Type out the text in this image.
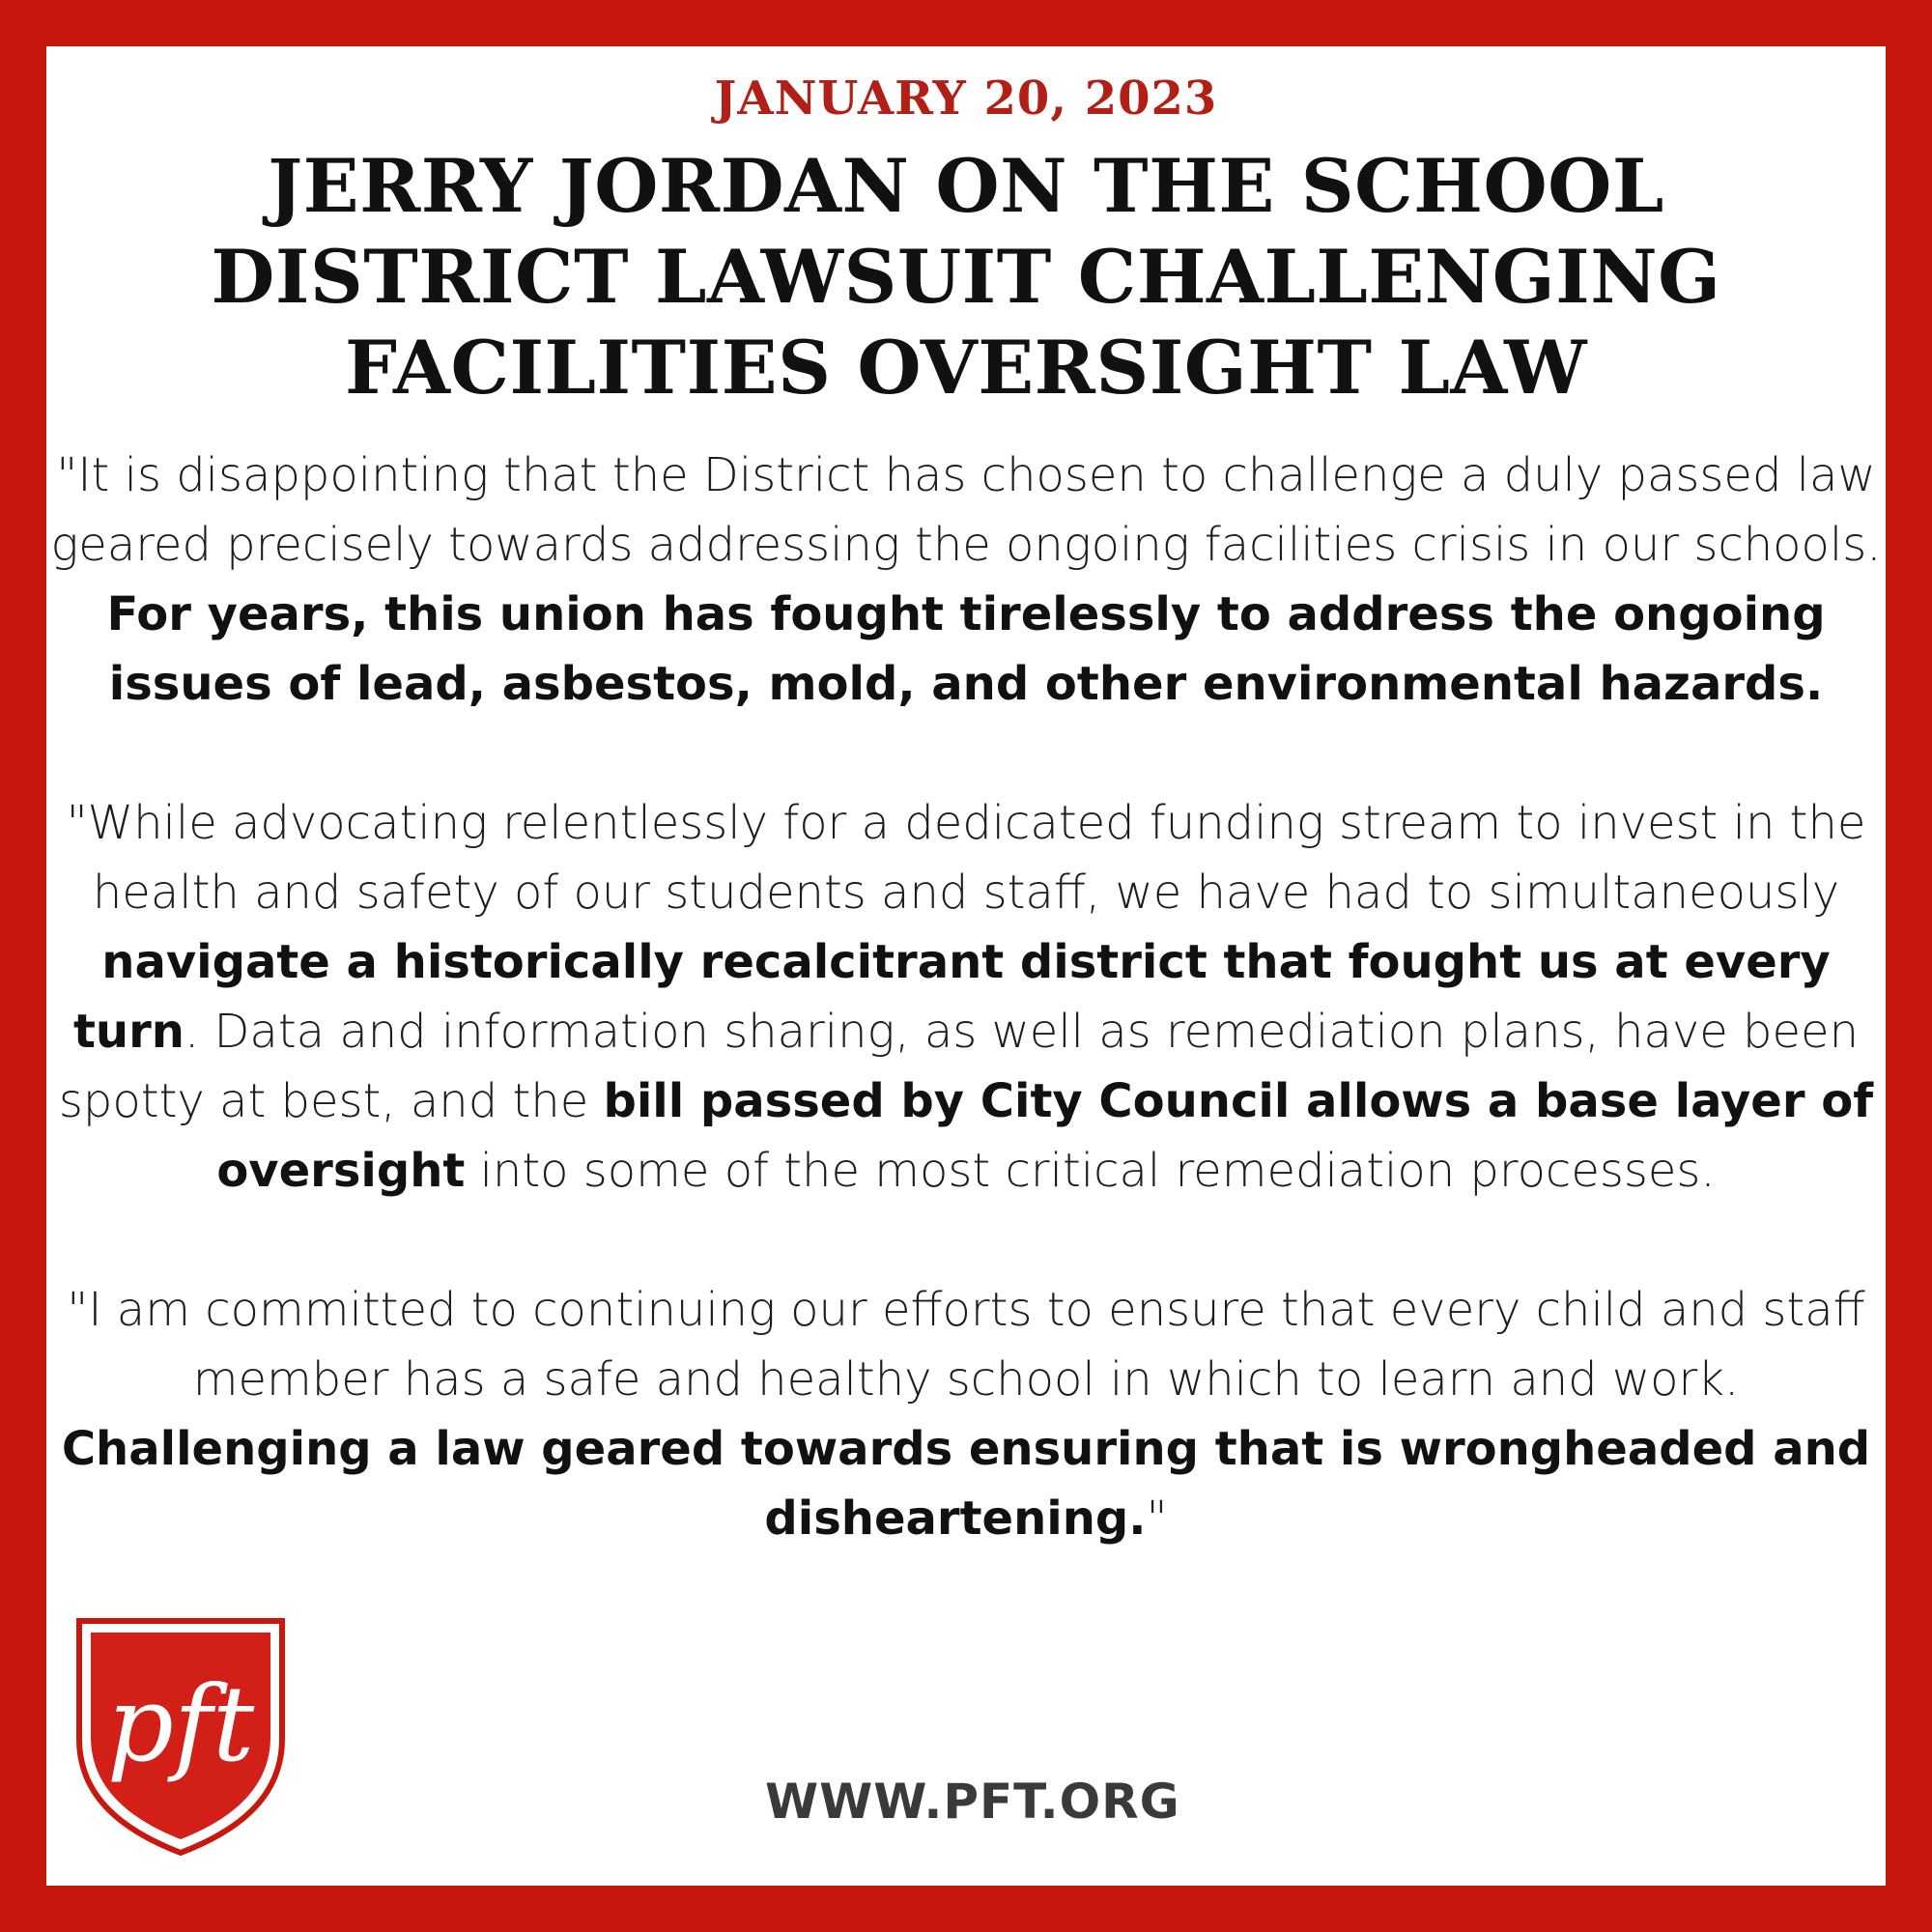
JANUARY 20, 2023
JERRY JORDAN ON THE SCHOOL DISTRICT LAWSUIT CHALLENGING FACILITIES OVERSIGHT LAW

"It is disappointing that the District has chosen to challenge a duly passed law geared precisely towards addressing the ongoing facilities crisis in our schools. For years, this union has fought tirelessly to address the ongoing issues of lead, asbestos, mold, and other environmental hazards.

"While advocating relentlessly for a dedicated funding stream to invest in the health and safety of our students and staff, we have had to simultaneously navigate a historically recalcitrant district that fought us at every turn. Data and information sharing, as well as remediation plans, have been spotty at best, and the bill passed by City Council allows a base layer of oversight into some of the most critical remediation processes.

"I am committed to continuing our efforts to ensure that every child and staff member has a safe and healthy school in which to learn and work. Challenging a law geared towards ensuring that is wrongheaded and disheartening."

pft
WWW.PFT.ORG
